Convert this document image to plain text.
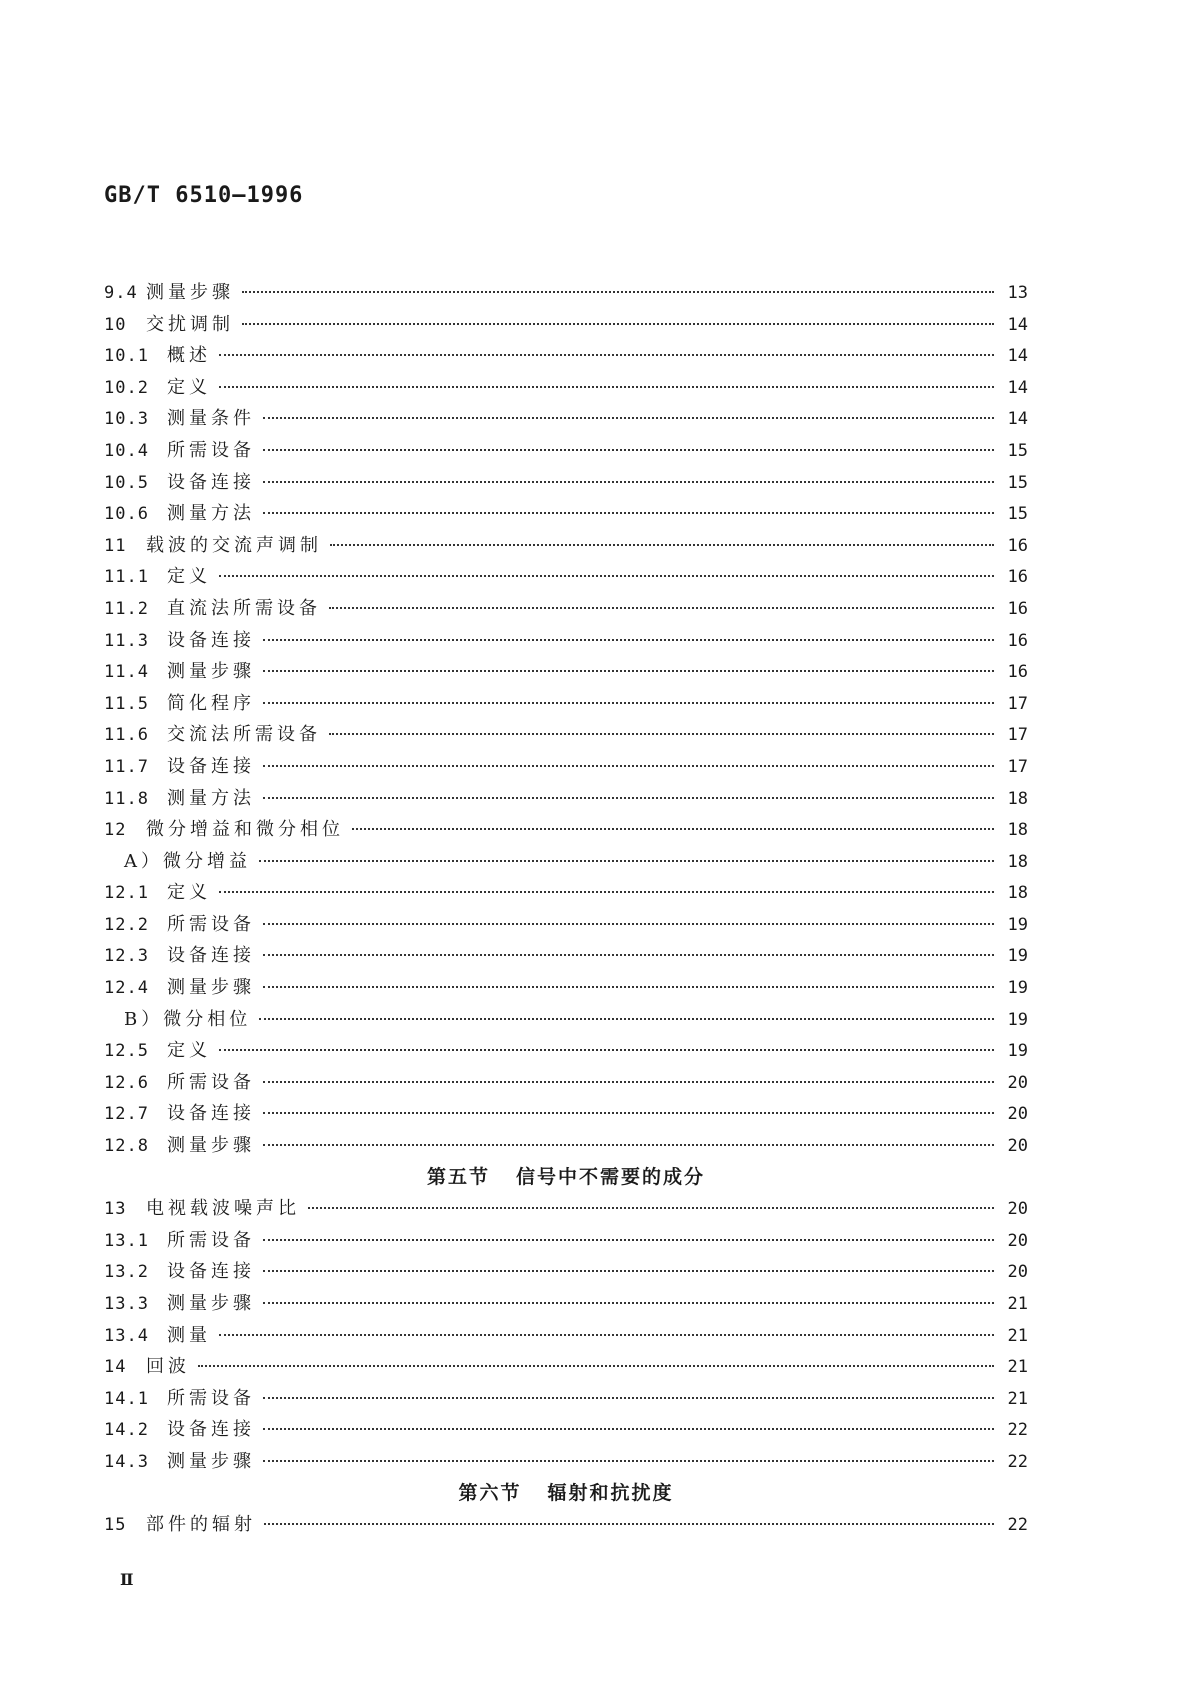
GB/T 6510—1996
9.4 测量步骤	13
10	交扰调制	14
10.1	概述	14
10.2	定义	14
10.3	测量条件	14
10.4	所需设备	15
10.5	设备连接	15
10.6	测量方法	15
11	载波的交流声调制	16
11.1	定义	16
11.2	直流法所需设备	16
11.3	设备连接	16
11.4	测量步骤	16
11.5	简化程序	17
11.6	交流法所需设备	17
11.7	设备连接	17
11.8	测量方法	18
12	微分增益和微分相位	18
A）微分增益	18
12.1	定义	18
12.2	所需设备	19
12.3	设备连接	19
12.4	测量步骤	19
B）微分相位	19
12.5	定义	19
12.6	所需设备	20
12.7	设备连接	20
12.8	测量步骤	20
第五节 信号中不需要的成分
13	电视载波噪声比	20
13.1	所需设备	20
13.2	设备连接	20
13.3	测量步骤	21
13.4	测量	21
14	回波	21
14.1	所需设备	21
14.2	设备连接	22
14.3	测量步骤	22
第六节 辐射和抗扰度
15	部件的辐射	22
Ⅱ
